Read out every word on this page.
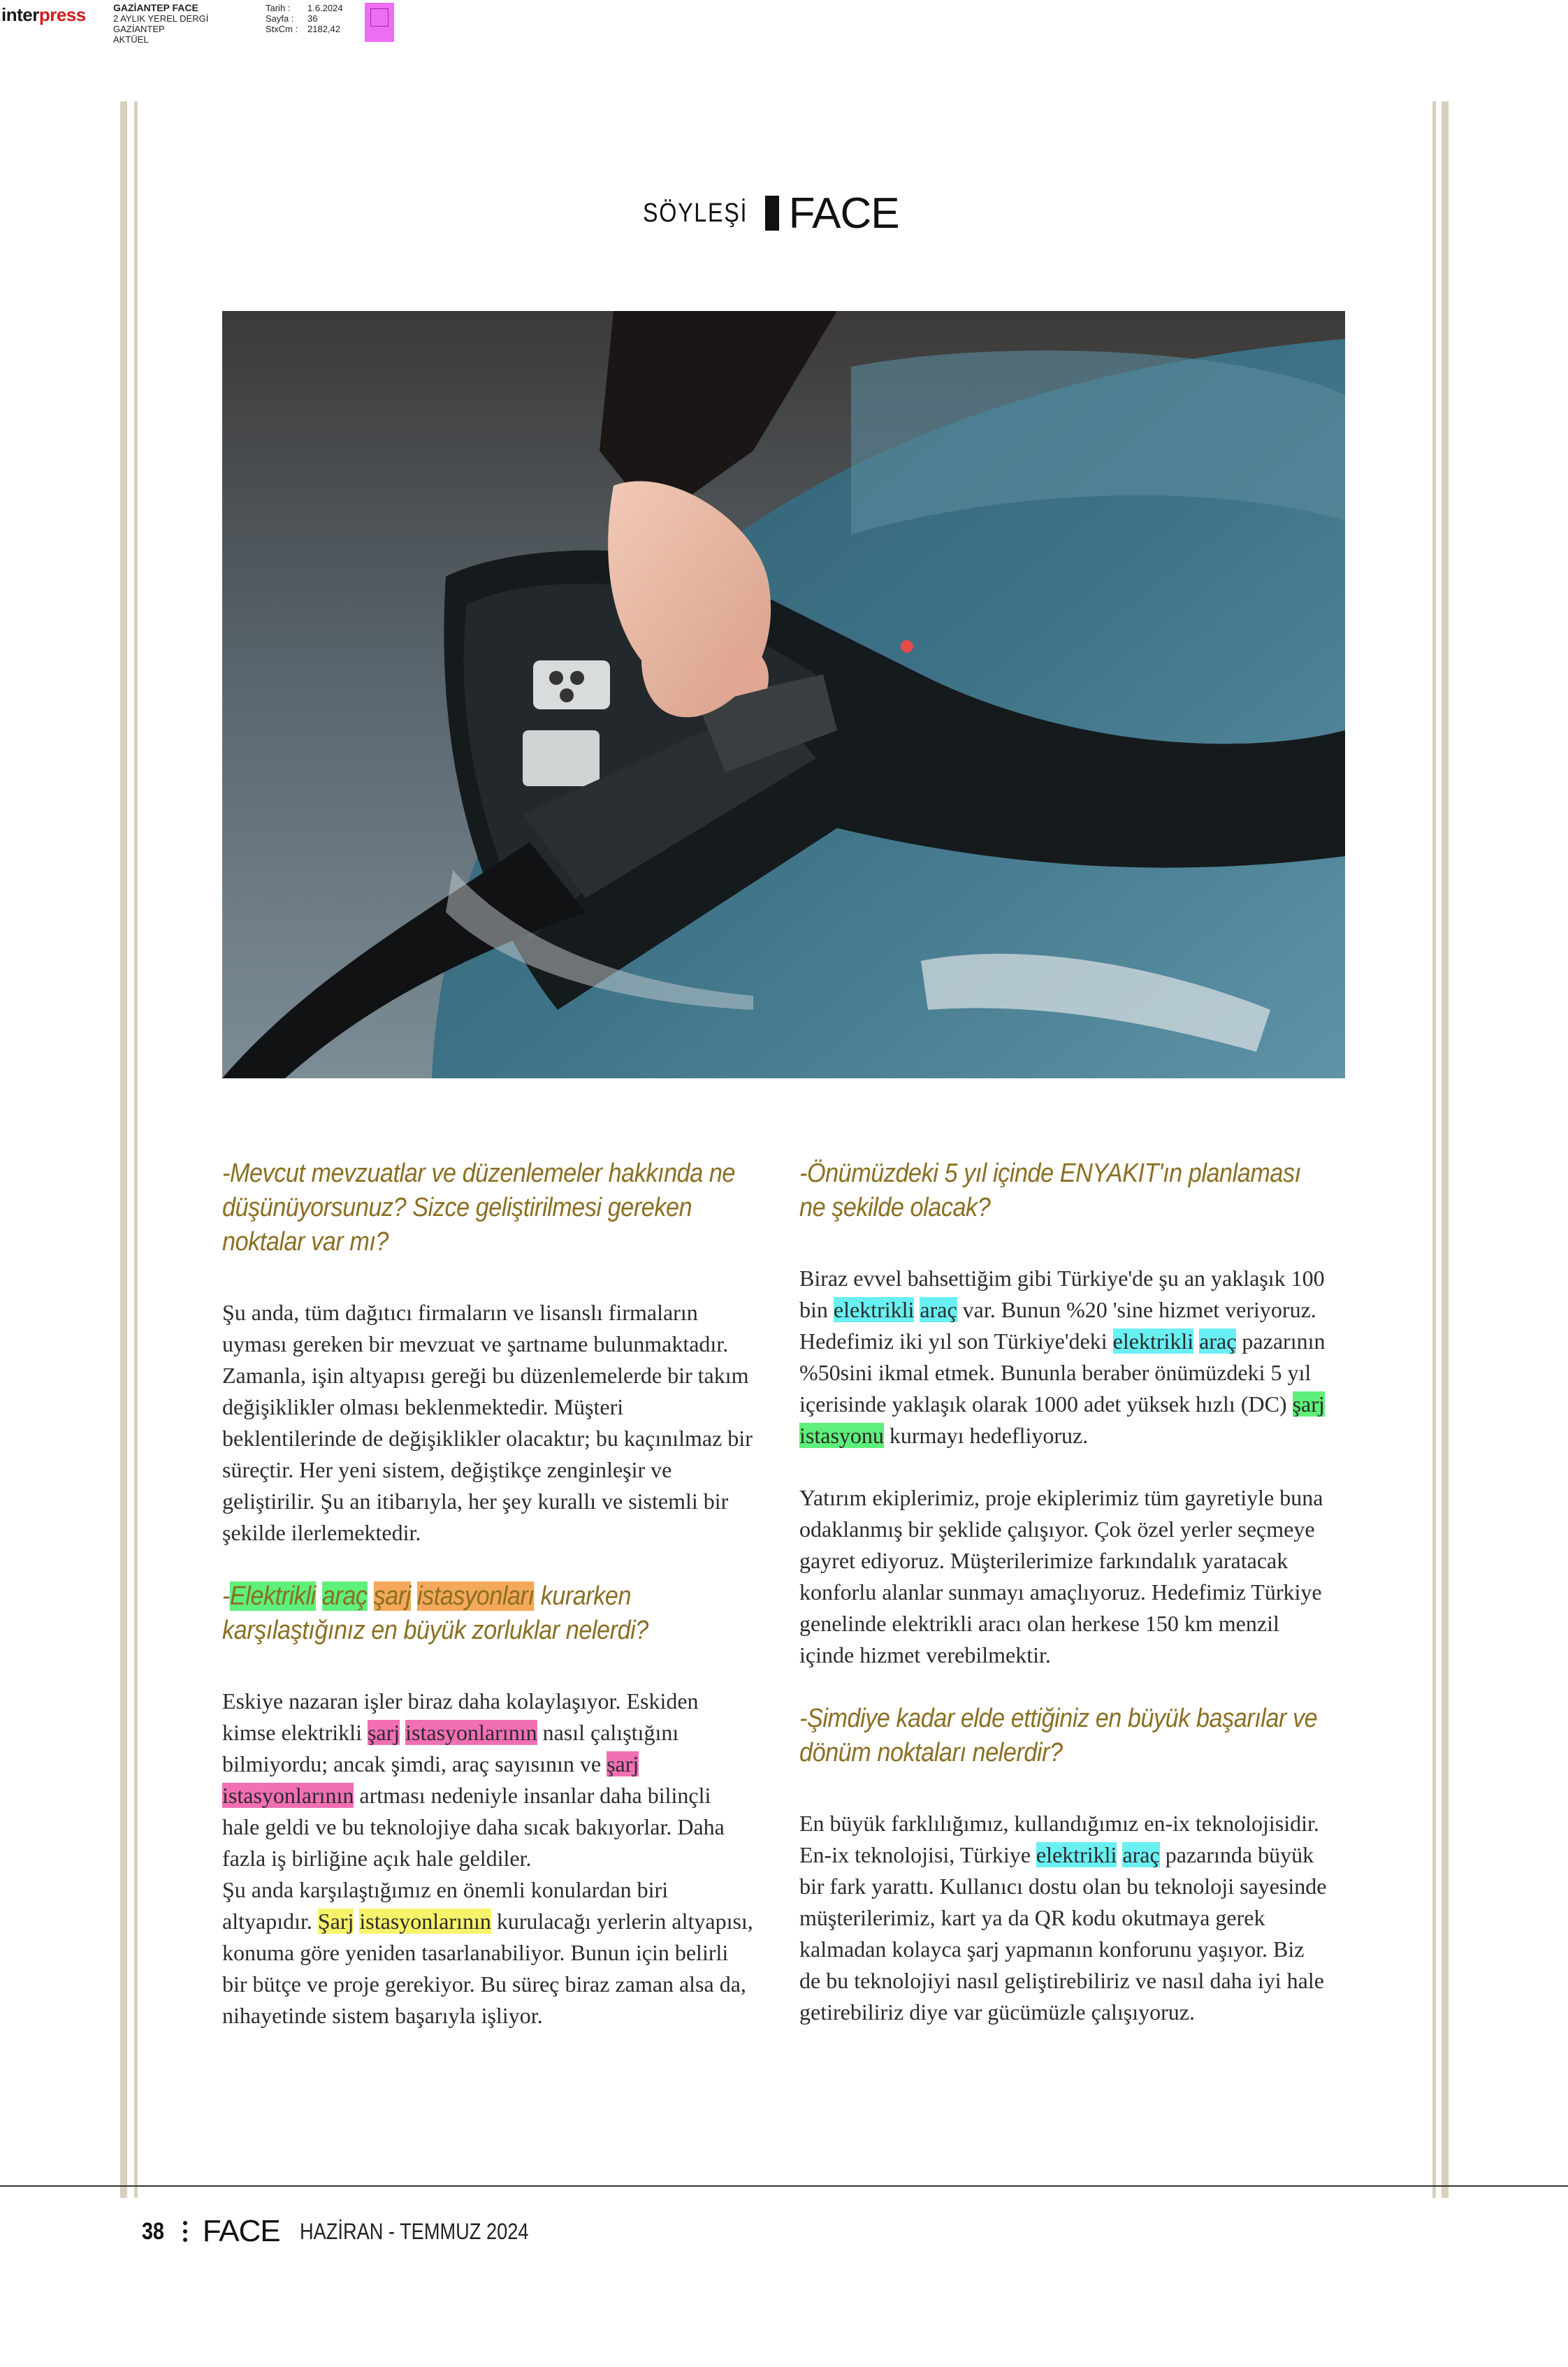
interpress	GAZİANTEP FACE
2 AYLIK YEREL DERGİ
GAZİANTEP
AKTÜEL
Tarih : 1.6.2024
Sayfa : 36
StxCm : 2182,42
SÖYLEŞİ FACE

-Mevcut mevzuatlar ve düzenlemeler hakkında ne düşünüyorsunuz? Sizce geliştirilmesi gereken noktalar var mı?

Şu anda, tüm dağıtıcı firmaların ve lisanslı firmaların uyması gereken bir mevzuat ve şartname bulunmaktadır. Zamanla, işin altyapısı gereği bu düzenlemelerde bir takım değişiklikler olması beklenmektedir. Müşteri beklentilerinde de değişiklikler olacaktır; bu kaçınılmaz bir süreçtir. Her yeni sistem, değiştikçe zenginleşir ve geliştirilir. Şu an itibarıyla, her şey kurallı ve sistemli bir şekilde ilerlemektedir.

-Elektrikli araç şarj istasyonları kurarken karşılaştığınız en büyük zorluklar nelerdi?

Eskiye nazaran işler biraz daha kolaylaşıyor. Eskiden kimse elektrikli şarj istasyonlarının nasıl çalıştığını bilmiyordu; ancak şimdi, araç sayısının ve şarj istasyonlarının artması nedeniyle insanlar daha bilinçli hale geldi ve bu teknolojiye daha sıcak bakıyorlar. Daha fazla iş birliğine açık hale geldiler.

Şu anda karşılaştığımız en önemli konulardan biri altyapıdır. Şarj istasyonlarının kurulacağı yerlerin altyapısı, konuma göre yeniden tasarlanabiliyor. Bunun için belirli bir bütçe ve proje gerekiyor. Bu süreç biraz zaman alsa da, nihayetinde sistem başarıyla işliyor.

-Önümüzdeki 5 yıl içinde ENYAKIT'ın planlaması ne şekilde olacak?

Biraz evvel bahsettiğim gibi Türkiye'de şu an yaklaşık 100 bin elektrikli araç var. Bunun %20 'sine hizmet veriyoruz. Hedefimiz iki yıl son Türkiye'deki elektrikli araç pazarının %50sini ikmal etmek. Bununla beraber önümüzdeki 5 yıl içerisinde yaklaşık olarak 1000 adet yüksek hızlı (DC) şarj istasyonu kurmayı hedefliyoruz.

Yatırım ekiplerimiz, proje ekiplerimiz tüm gayretiyle buna odaklanmış bir şeklide çalışıyor. Çok özel yerler seçmeye gayret ediyoruz. Müşterilerimize farkındalık yaratacak konforlu alanlar sunmayı amaçlıyoruz. Hedefimiz Türkiye genelinde elektrikli aracı olan herkese 150 km menzil içinde hizmet verebilmektir.

-Şimdiye kadar elde ettiğiniz en büyük başarılar ve dönüm noktaları nelerdir?

En büyük farklılığımız, kullandığımız en-ix teknolojisidir. En-ix teknolojisi, Türkiye elektrikli araç pazarında büyük bir fark yarattı. Kullanıcı dostu olan bu teknoloji sayesinde müşterilerimiz, kart ya da QR kodu okutmaya gerek kalmadan kolayca şarj yapmanın konforunu yaşıyor. Biz de bu teknolojiyi nasıl geliştirebiliriz ve nasıl daha iyi hale getirebiliriz diye var gücümüzle çalışıyoruz.

38 FACE HAZİRAN - TEMMUZ 2024
